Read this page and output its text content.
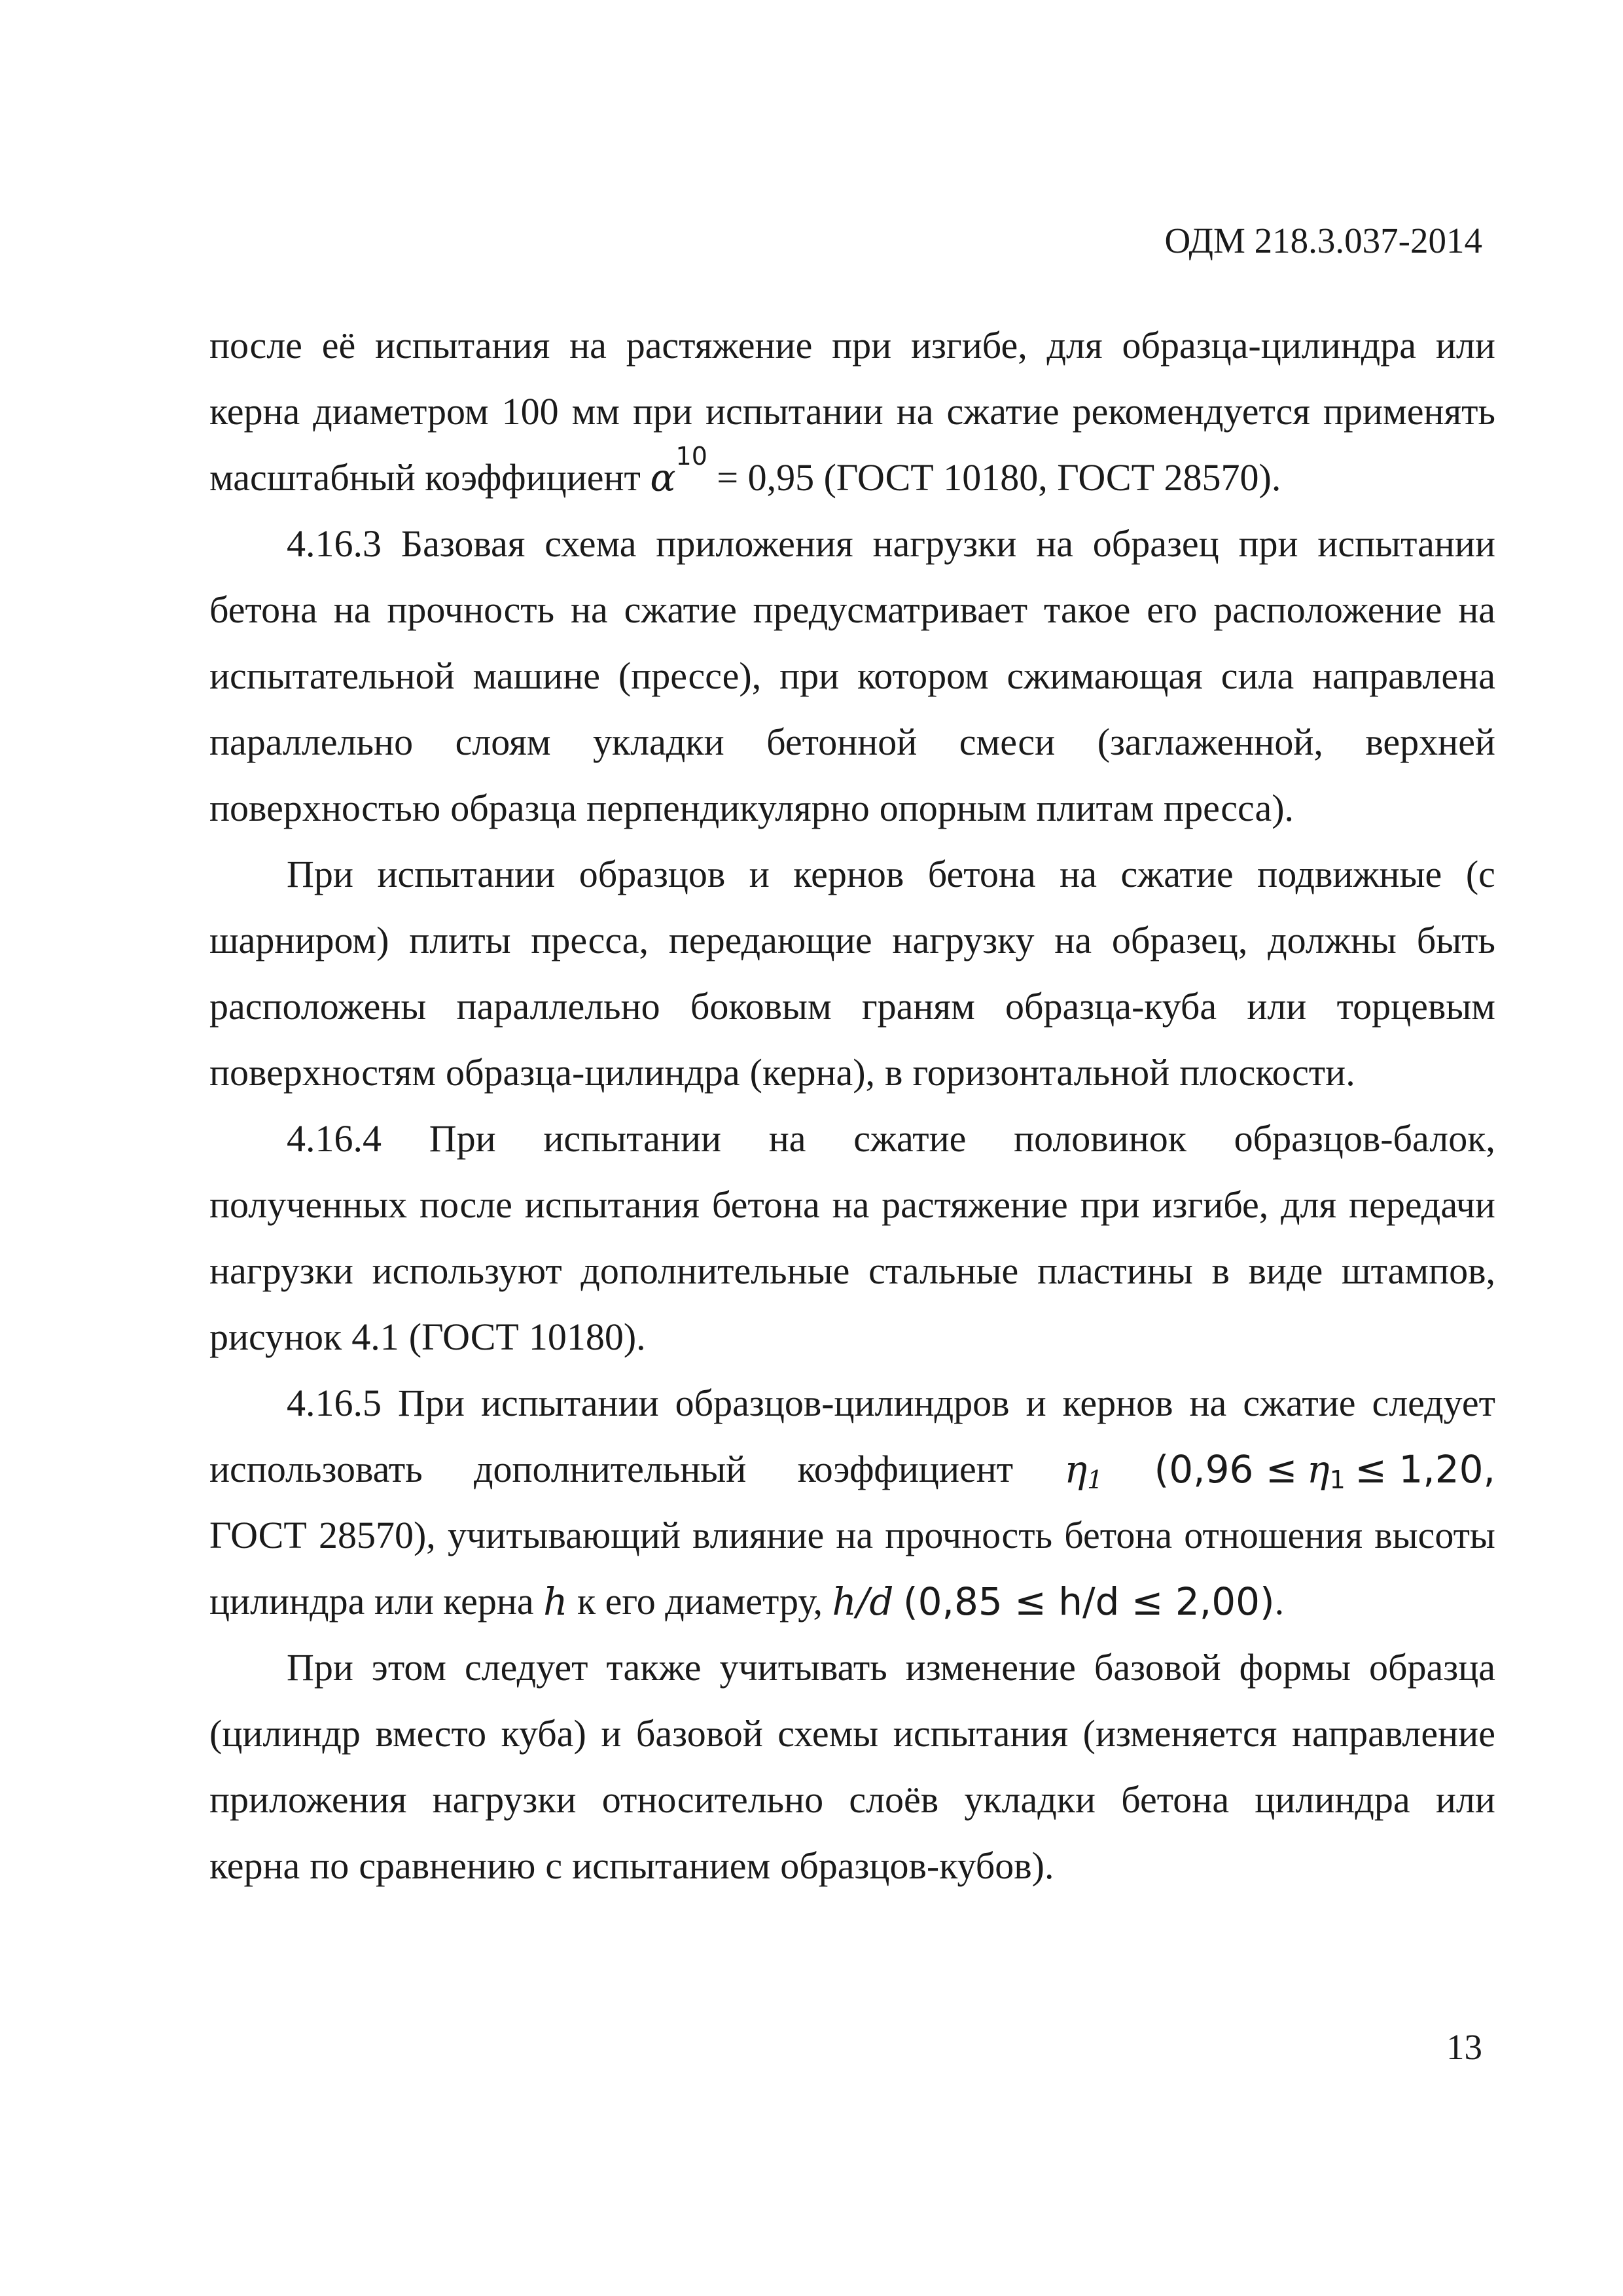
ОДМ 218.3.037-2014
после её испытания на растяжение при изгибе, для образца-цилиндра или
керна диаметром 100 мм при испытании на сжатие рекомендуется применять
масштабный коэффициент
α 10
= 0,95 (ГОСТ 10180, ГОСТ 28570).
4.16.3 Базовая схема приложения нагрузки на образец при испытании
бетона на прочность на сжатие предусматривает такое его расположение на
испытательной машине (прессе), при котором сжимающая сила направлена
параллельно слоям укладки бетонной смеси (заглаженной, верхней
поверхностью образца перпендикулярно опорным плитам пресса).
При испытании образцов и кернов бетона на сжатие подвижные (с
шарниром) плиты пресса, передающие нагрузку на образец, должны быть
расположены параллельно боковым граням образца-куба или торцевым
поверхностям образца-цилиндра (керна), в горизонтальной плоскости.
4.16.4 При испытании на сжатие половинок образцов-балок,
полученных после испытания бетона на растяжение при изгибе, для передачи
нагрузки используют дополнительные стальные пластины в виде штампов,
рисунок 4.1 (ГОСТ 10180).
4.16.5 При испытании образцов-цилиндров и кернов на сжатие следует
использовать дополнительный коэффициент $\eta_1$ ($0,96 \le \eta_1 \le 1,20$,
ГОСТ 28570), учитывающий влияние на прочность бетона отношения высоты
цилиндра или керна
h
к его диаметру,
h/d
(0,85 ≤ h/d ≤ 2,00) .
При этом следует также учитывать изменение базовой формы образца
(цилиндр вместо куба) и базовой схемы испытания (изменяется направление
приложения нагрузки относительно слоёв укладки бетона цилиндра или
керна по сравнению с испытанием образцов-кубов).
13
